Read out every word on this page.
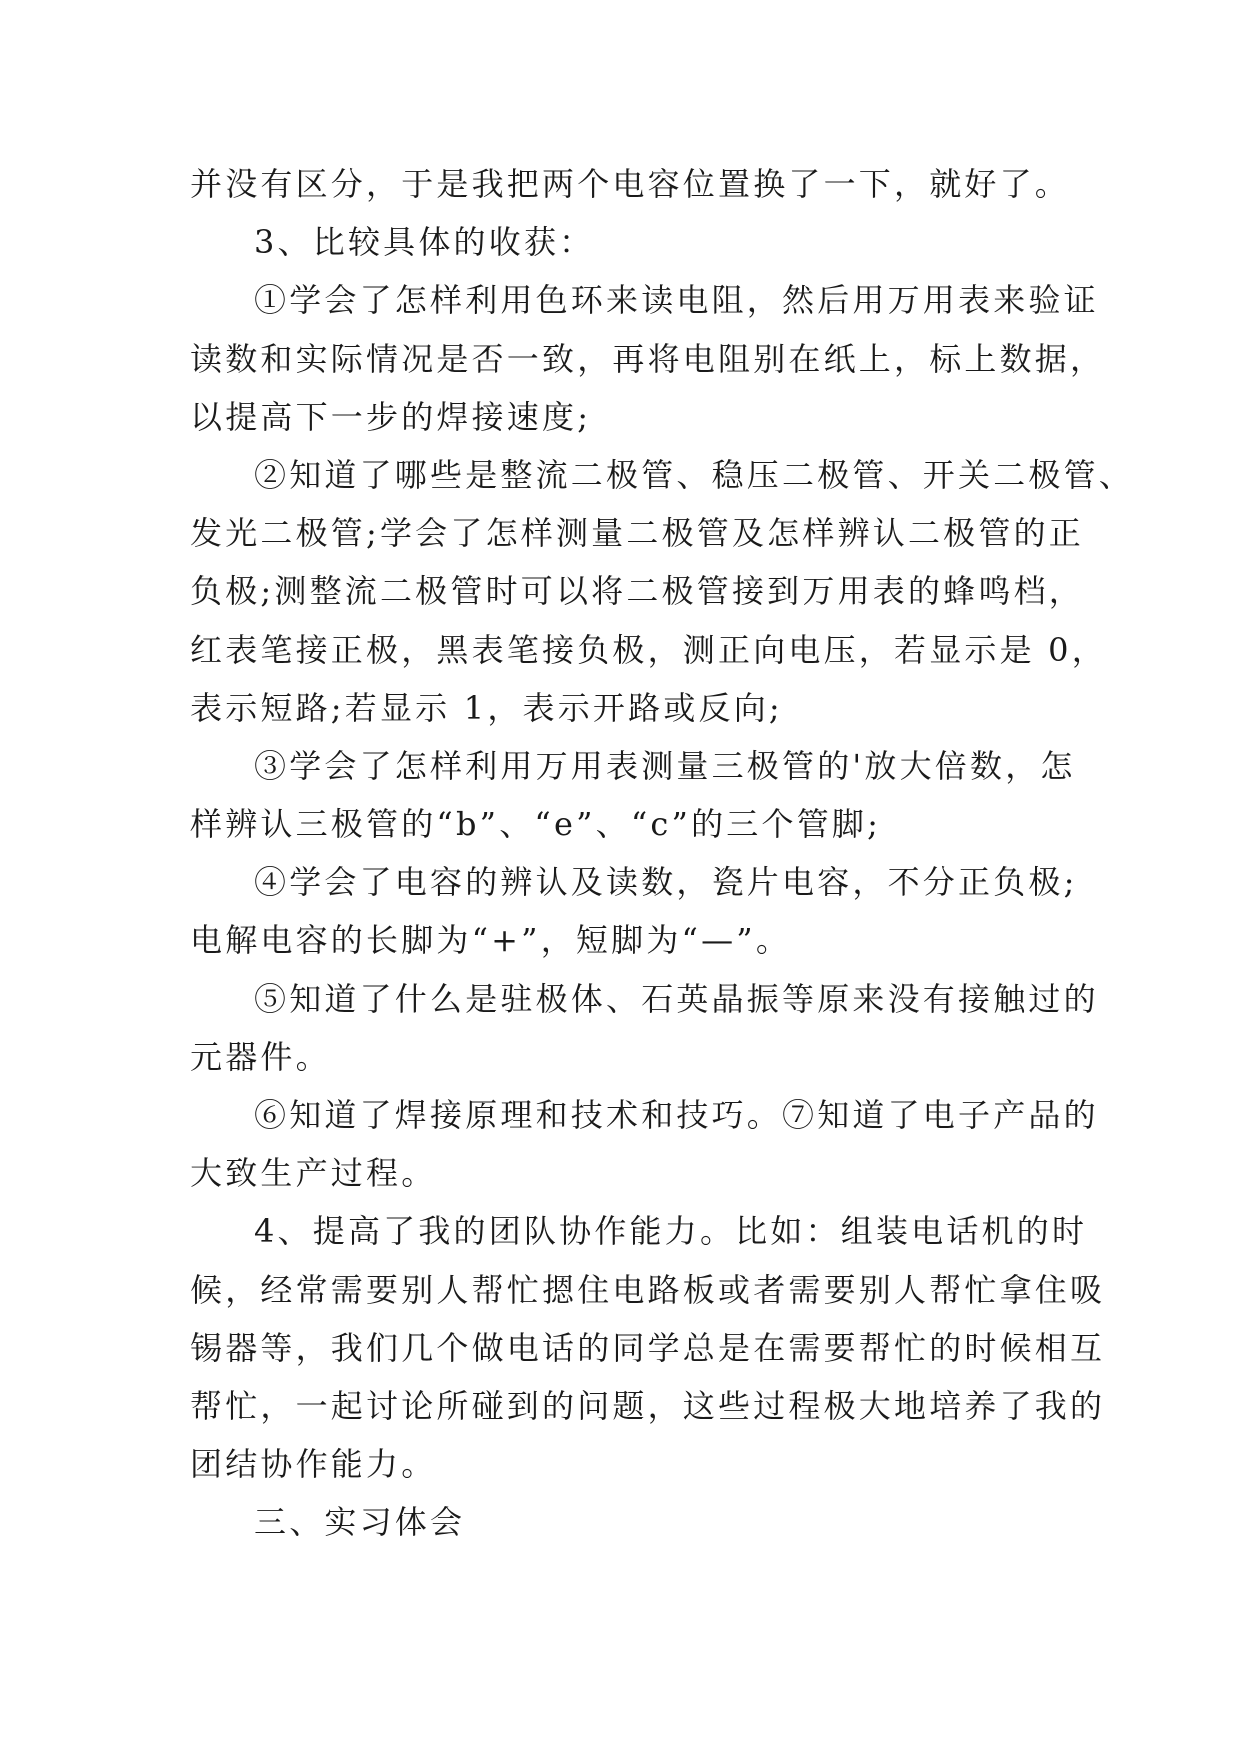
并没有区分，于是我把两个电容位置换了一下，就好了。
3、比较具体的收获：
①学会了怎样利用色环来读电阻，然后用万用表来验证
读数和实际情况是否一致，再将电阻别在纸上，标上数据，
以提高下一步的焊接速度;
②知道了哪些是整流二极管、稳压二极管、开关二极管、
发光二极管;学会了怎样测量二极管及怎样辨认二极管的正
负极;测整流二极管时可以将二极管接到万用表的蜂鸣档，
红表笔接正极，黑表笔接负极，测正向电压，若显示是 0，
表示短路;若显示 1，表示开路或反向;
③学会了怎样利用万用表测量三极管的'放大倍数，怎
样辨认三极管的“b”、“e”、“c”的三个管脚;
④学会了电容的辨认及读数，瓷片电容，不分正负极;
电解电容的长脚为“+”，短脚为“—”。
⑤知道了什么是驻极体、石英晶振等原来没有接触过的
元器件。
⑥知道了焊接原理和技术和技巧。⑦知道了电子产品的
大致生产过程。
4、提高了我的团队协作能力。比如：组装电话机的时
候，经常需要别人帮忙摁住电路板或者需要别人帮忙拿住吸
锡器等，我们几个做电话的同学总是在需要帮忙的时候相互
帮忙，一起讨论所碰到的问题，这些过程极大地培养了我的
团结协作能力。
三、实习体会
